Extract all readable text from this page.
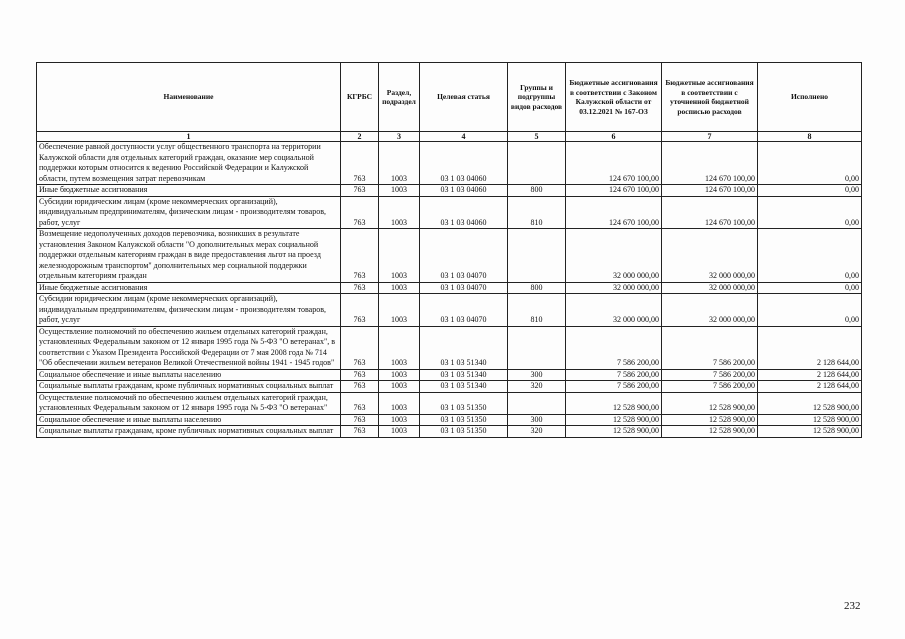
Наименование	КГРБС	Раздел, подраздел	Целевая статья	Группы и подгруппы видов расходов	Бюджетные ассигнования в соответствии с Законом Калужской области от 03.12.2021 № 167-ОЗ	Бюджетные ассигнования в соответствии с уточненной бюджетной росписью расходов	Исполнено
1	2	3	4	5	6	7	8
Обеспечение равной доступности услуг общественного транспорта на территории Калужской области для отдельных категорий граждан, оказание мер социальной поддержки которым относится к ведению Российской Федерации и Калужской области, путем возмещения затрат перевозчикам	763	1003	03 1 03 04060		124 670 100,00	124 670 100,00	0,00
Иные бюджетные ассигнования	763	1003	03 1 03 04060	800	124 670 100,00	124 670 100,00	0,00
Субсидии юридическим лицам (кроме некоммерческих организаций), индивидуальным предпринимателям, физическим лицам - производителям товаров, работ, услуг	763	1003	03 1 03 04060	810	124 670 100,00	124 670 100,00	0,00
Возмещение недополученных доходов перевозчика, возникших в результате установления Законом Калужской области "О дополнительных мерах социальной поддержки отдельным категориям граждан в виде предоставления льгот на проезд железнодорожным транспортом" дополнительных мер социальной поддержки отдельным категориям граждан	763	1003	03 1 03 04070		32 000 000,00	32 000 000,00	0,00
Иные бюджетные ассигнования	763	1003	03 1 03 04070	800	32 000 000,00	32 000 000,00	0,00
Субсидии юридическим лицам (кроме некоммерческих организаций), индивидуальным предпринимателям, физическим лицам - производителям товаров, работ, услуг	763	1003	03 1 03 04070	810	32 000 000,00	32 000 000,00	0,00
Осуществление полномочий по обеспечению жильем отдельных категорий граждан, установленных Федеральным законом от 12 января 1995 года № 5-ФЗ "О ветеранах", в соответствии с Указом Президента Российской Федерации от 7 мая 2008 года № 714 "Об обеспечении жильем ветеранов Великой Отечественной войны 1941 - 1945 годов"	763	1003	03 1 03 51340		7 586 200,00	7 586 200,00	2 128 644,00
Социальное обеспечение и иные выплаты населению	763	1003	03 1 03 51340	300	7 586 200,00	7 586 200,00	2 128 644,00
Социальные выплаты гражданам, кроме публичных нормативных социальных выплат	763	1003	03 1 03 51340	320	7 586 200,00	7 586 200,00	2 128 644,00
Осуществление полномочий по обеспечению жильем отдельных категорий граждан, установленных Федеральным законом от 12 января 1995 года № 5-ФЗ "О ветеранах"	763	1003	03 1 03 51350		12 528 900,00	12 528 900,00	12 528 900,00
Социальное обеспечение и иные выплаты населению	763	1003	03 1 03 51350	300	12 528 900,00	12 528 900,00	12 528 900,00
Социальные выплаты гражданам, кроме публичных нормативных социальных выплат	763	1003	03 1 03 51350	320	12 528 900,00	12 528 900,00	12 528 900,00
232
